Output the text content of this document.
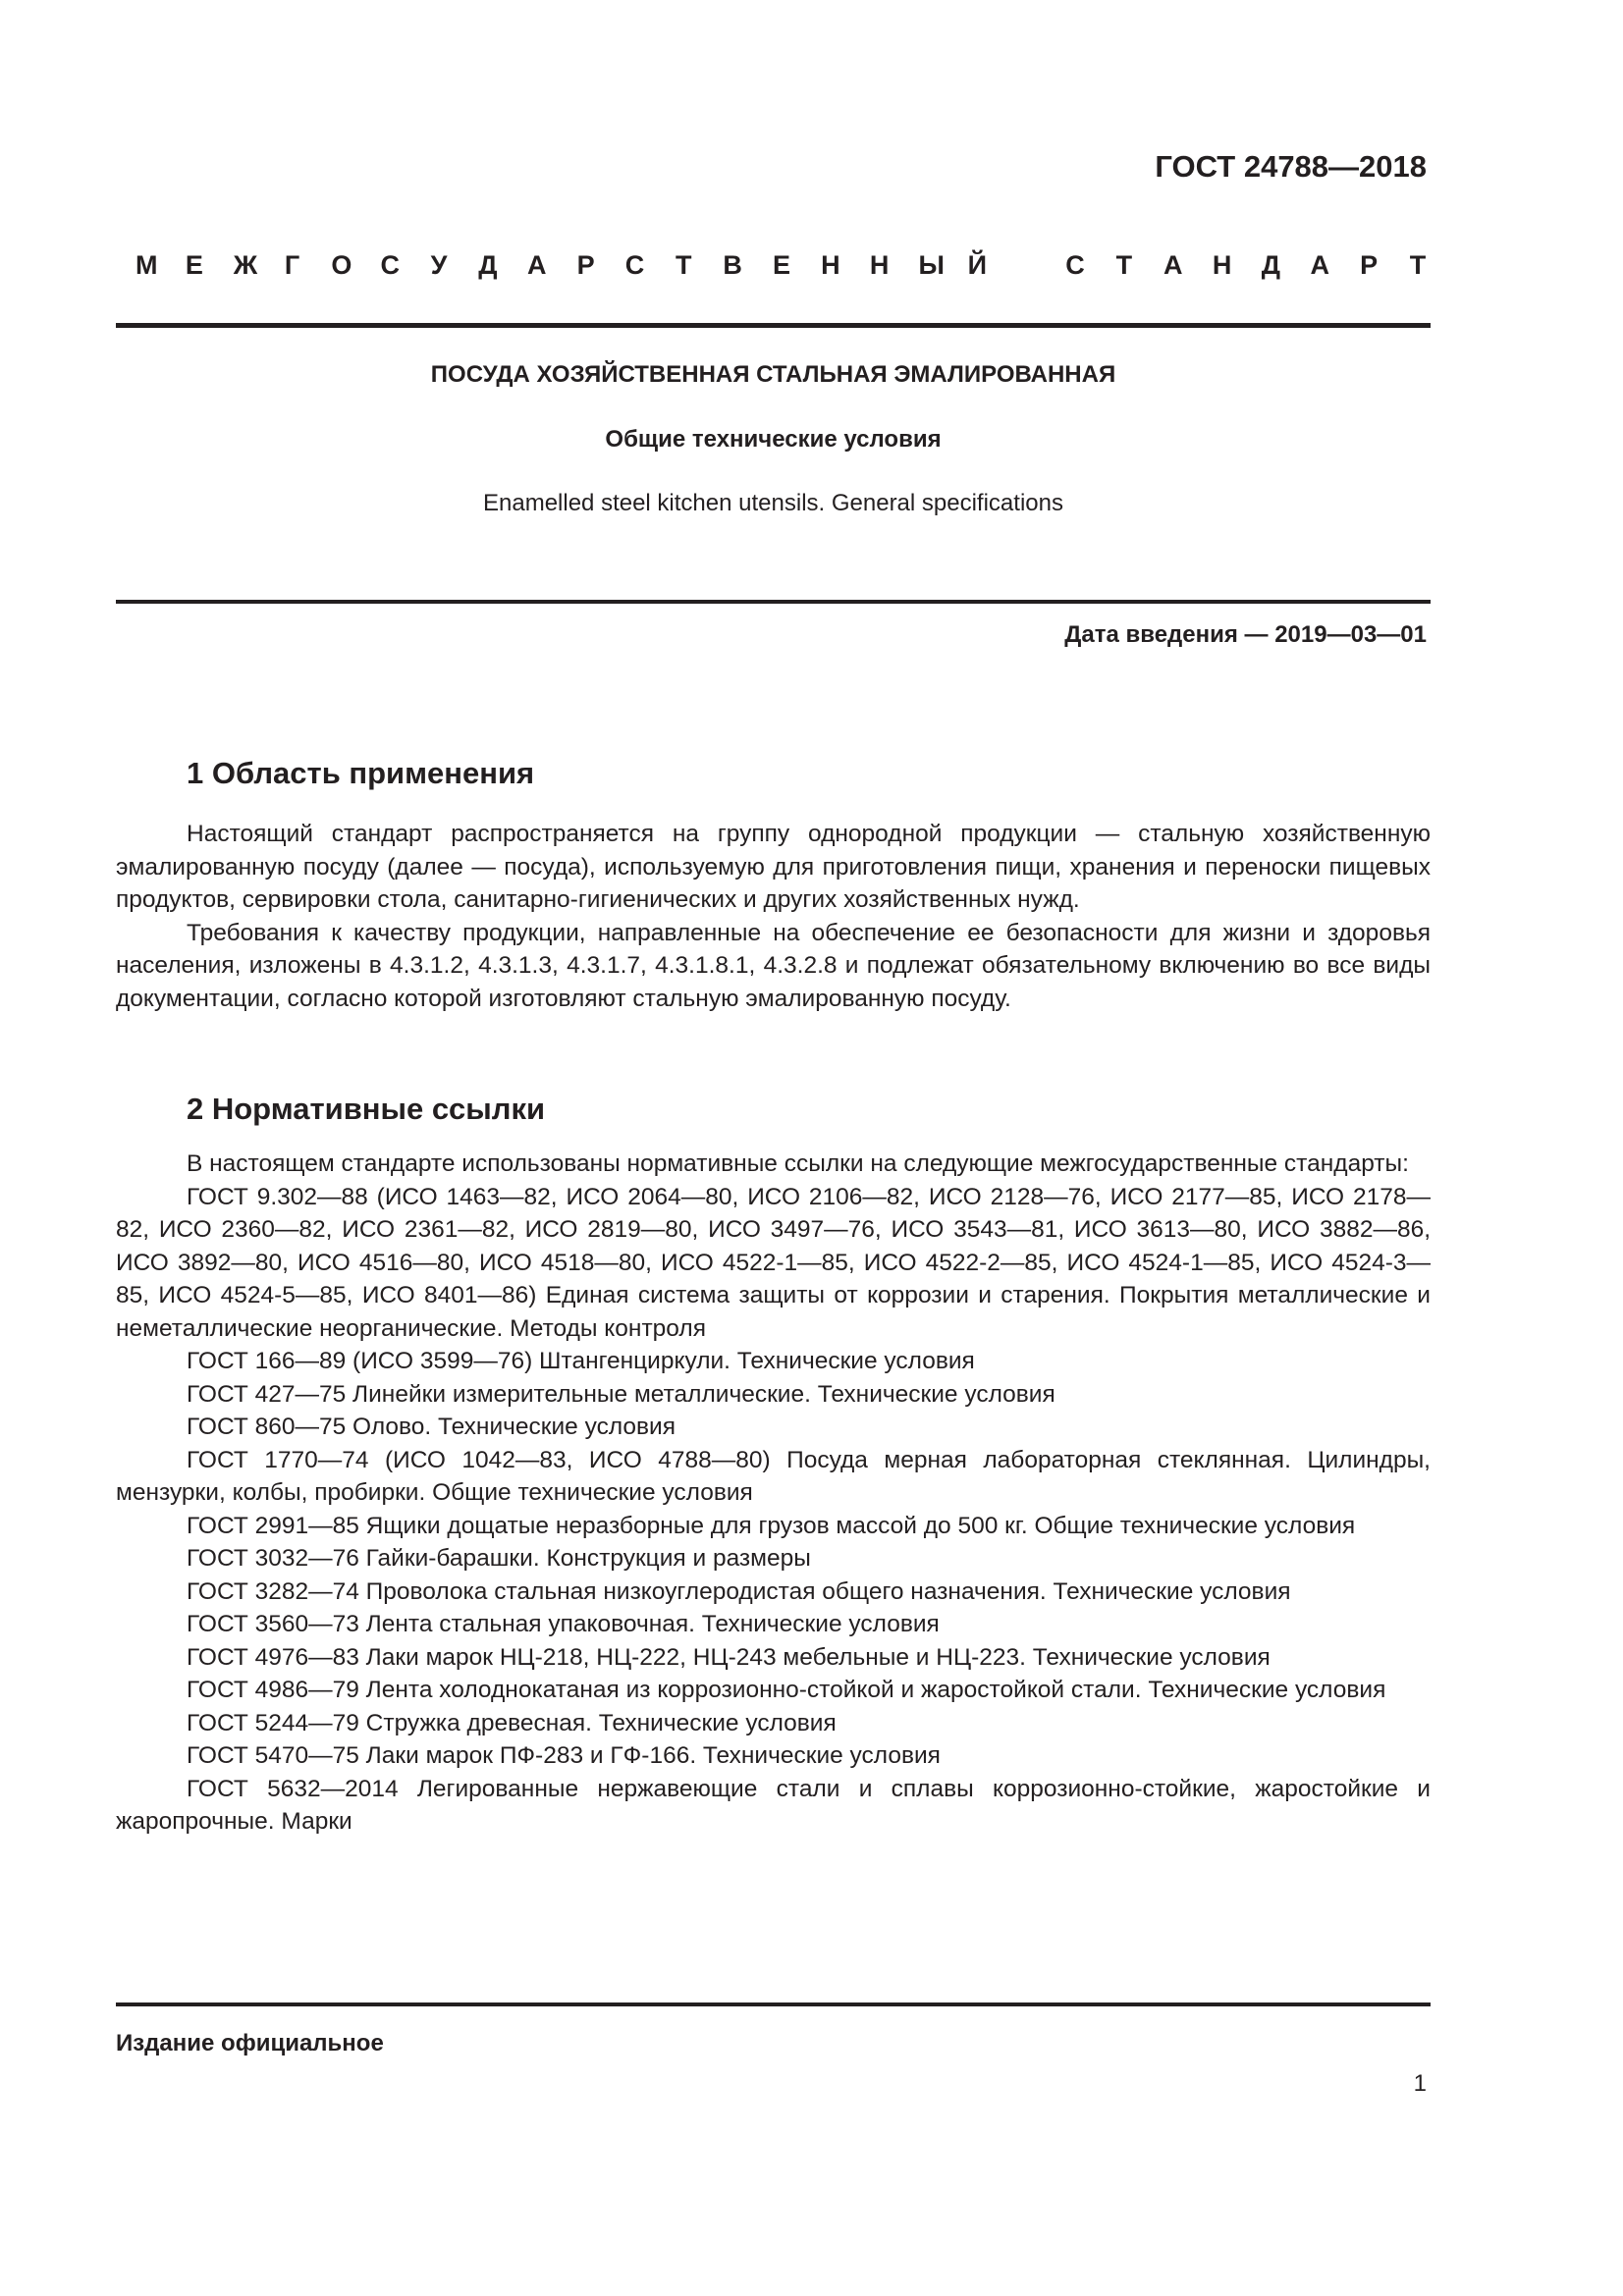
ГОСТ 24788—2018
М Е Ж Г О С У Д А Р С Т В Е Н Н Ы Й	С Т А Н Д А Р Т
ПОСУДА ХОЗЯЙСТВЕННАЯ СТАЛЬНАЯ ЭМАЛИРОВАННАЯ
Общие технические условия
Enamelled steel kitchen utensils. General specifications
Дата введения — 2019—03—01
1 Область применения

Настоящий стандарт распространяется на группу однородной продукции — стальную хозяйственную эмалированную посуду (далее — посуда), используемую для приготовления пищи, хранения и переноски пищевых продуктов, сервировки стола, санитарно-гигиенических и других хозяйственных нужд.

Требования к качеству продукции, направленные на обеспечение ее безопасности для жизни и здоровья населения, изложены в 4.3.1.2, 4.3.1.3, 4.3.1.7, 4.3.1.8.1, 4.3.2.8 и подлежат обязательному включению во все виды документации, согласно которой изготовляют стальную эмалированную посуду.

2 Нормативные ссылки

В настоящем стандарте использованы нормативные ссылки на следующие межгосударственные стандарты:

ГОСТ 9.302—88 (ИСО 1463—82, ИСО 2064—80, ИСО 2106—82, ИСО 2128—76, ИСО 2177—85, ИСО 2178—82, ИСО 2360—82, ИСО 2361—82, ИСО 2819—80, ИСО 3497—76, ИСО 3543—81, ИСО 3613—80, ИСО 3882—86, ИСО 3892—80, ИСО 4516—80, ИСО 4518—80, ИСО 4522-1—85, ИСО 4522-2—85, ИСО 4524-1—85, ИСО 4524-3—85, ИСО 4524-5—85, ИСО 8401—86) Единая система защиты от коррозии и старения. Покрытия металлические и неметаллические неорганические. Методы контроля

ГОСТ 166—89 (ИСО 3599—76) Штангенциркули. Технические условия

ГОСТ 427—75 Линейки измерительные металлические. Технические условия

ГОСТ 860—75 Олово. Технические условия

ГОСТ 1770—74 (ИСО 1042—83, ИСО 4788—80) Посуда мерная лабораторная стеклянная. Цилиндры, мензурки, колбы, пробирки. Общие технические условия

ГОСТ 2991—85 Ящики дощатые неразборные для грузов массой до 500 кг. Общие технические условия

ГОСТ 3032—76 Гайки-барашки. Конструкция и размеры

ГОСТ 3282—74 Проволока стальная низкоуглеродистая общего назначения. Технические условия

ГОСТ 3560—73 Лента стальная упаковочная. Технические условия

ГОСТ 4976—83 Лаки марок НЦ-218, НЦ-222, НЦ-243 мебельные и НЦ-223. Технические условия

ГОСТ 4986—79 Лента холоднокатаная из коррозионно-стойкой и жаростойкой стали. Технические условия

ГОСТ 5244—79 Стружка древесная. Технические условия

ГОСТ 5470—75 Лаки марок ПФ-283 и ГФ-166. Технические условия

ГОСТ 5632—2014 Легированные нержавеющие стали и сплавы коррозионно-стойкие, жаростойкие и жаропрочные. Марки

Издание официальное
1
